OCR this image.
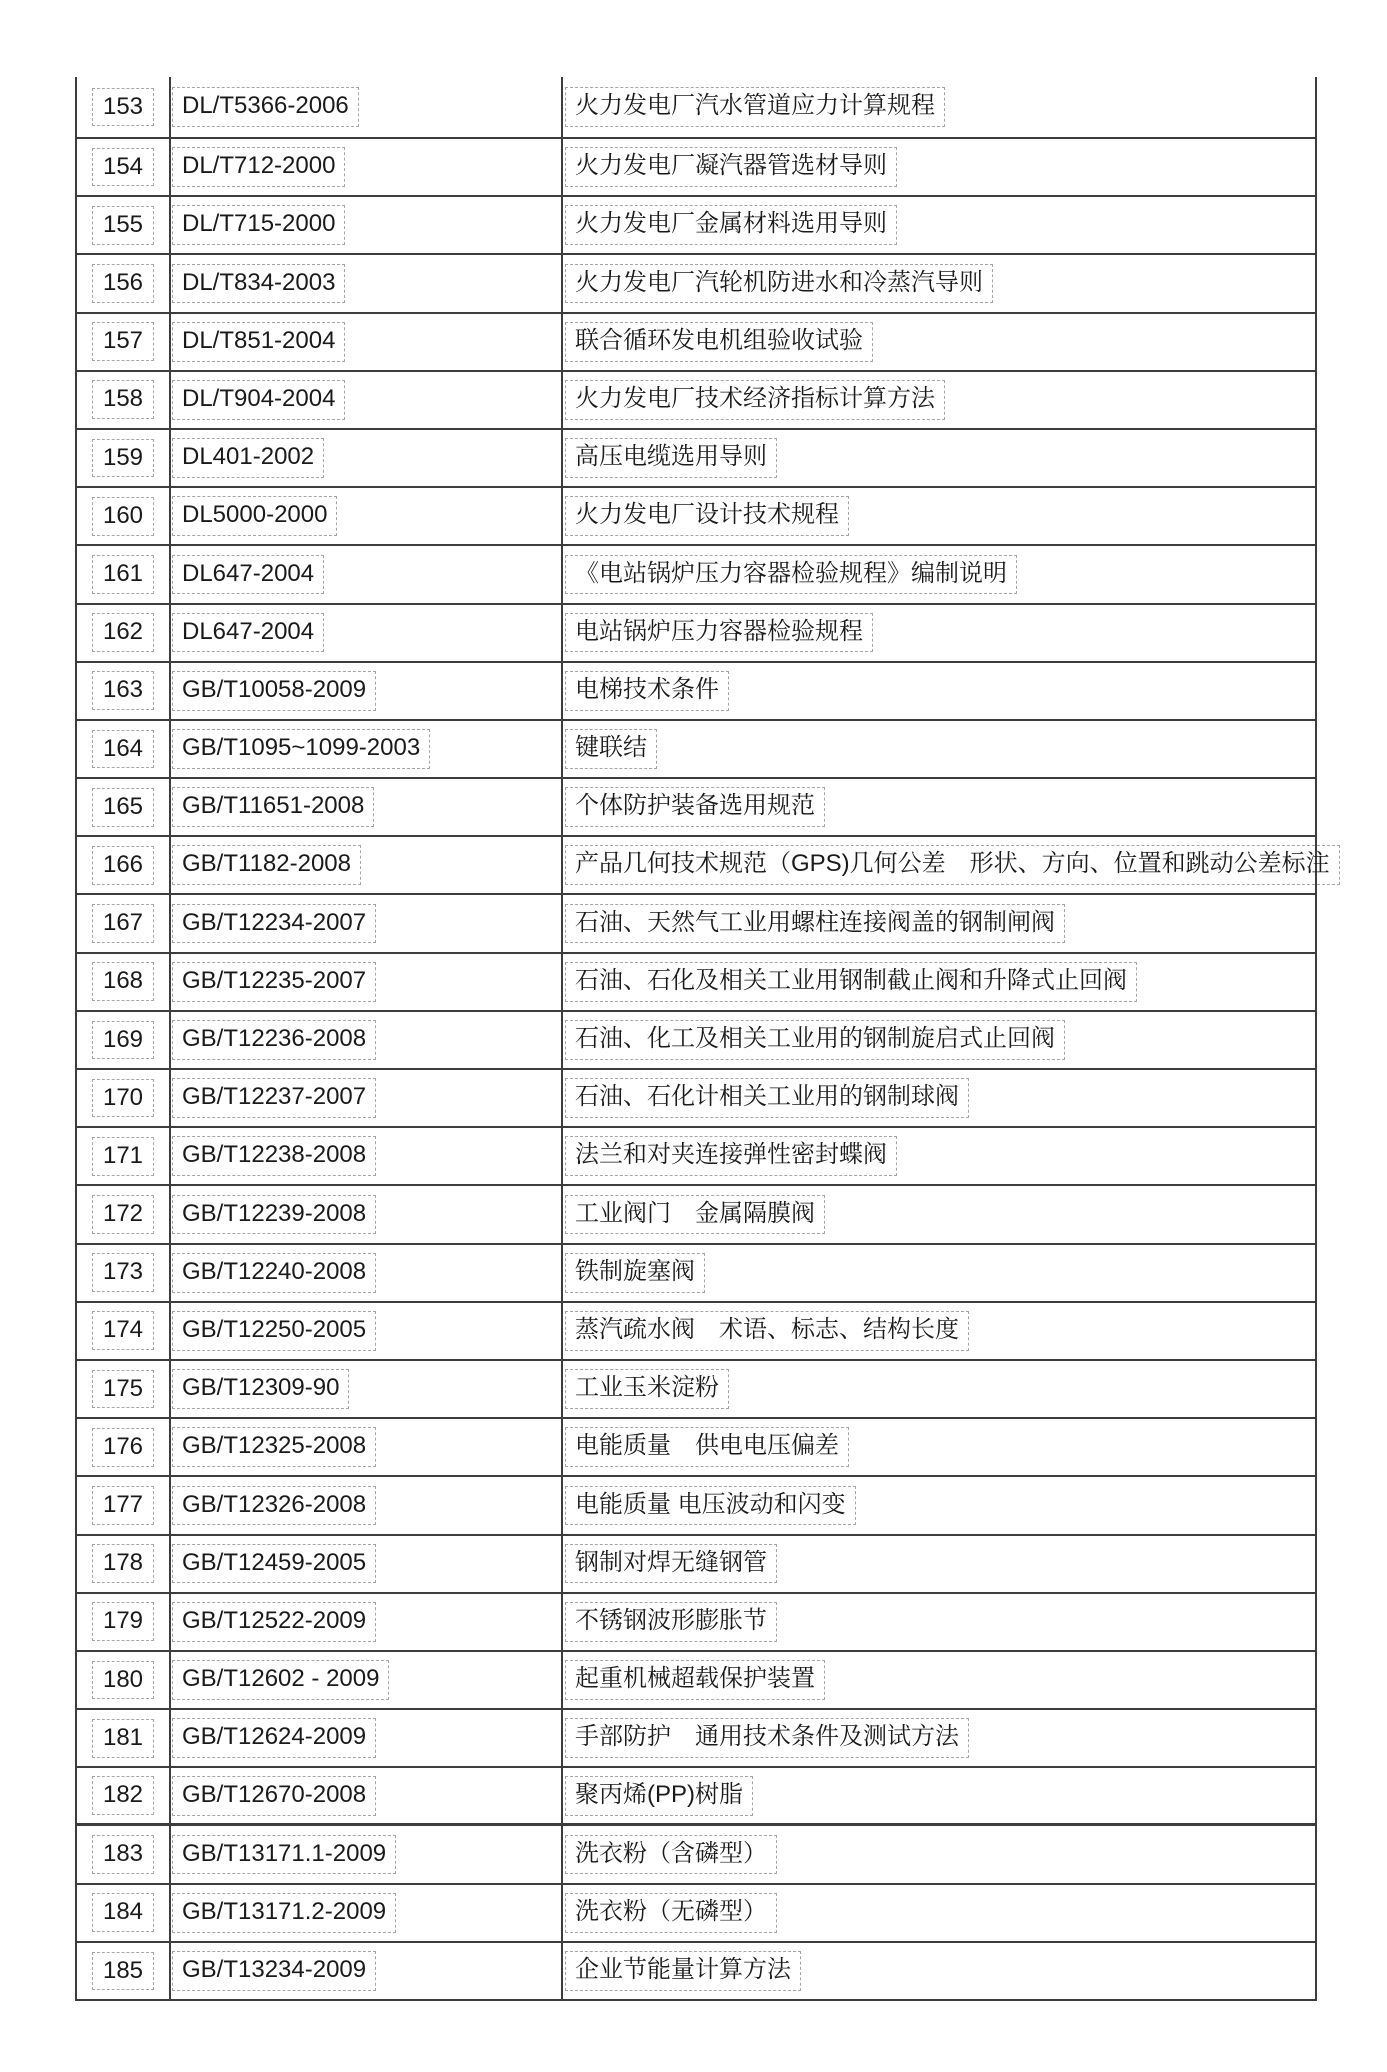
153	DL/T5366-2006	火力发电厂汽水管道应力计算规程
154	DL/T712-2000	火力发电厂凝汽器管选材导则
155	DL/T715-2000	火力发电厂金属材料选用导则
156	DL/T834-2003	火力发电厂汽轮机防进水和冷蒸汽导则
157	DL/T851-2004	联合循环发电机组验收试验
158	DL/T904-2004	火力发电厂技术经济指标计算方法
159	DL401-2002	高压电缆选用导则
160	DL5000-2000	火力发电厂设计技术规程
161	DL647-2004	《电站锅炉压力容器检验规程》编制说明
162	DL647-2004	电站锅炉压力容器检验规程
163	GB/T10058-2009	电梯技术条件
164	GB/T1095~1099-2003	键联结
165	GB/T11651-2008	个体防护装备选用规范
166	GB/T1182-2008	产品几何技术规范（GPS)几何公差　形状、方向、位置和跳动公差标注
167	GB/T12234-2007	石油、天然气工业用螺柱连接阀盖的钢制闸阀
168	GB/T12235-2007	石油、石化及相关工业用钢制截止阀和升降式止回阀
169	GB/T12236-2008	石油、化工及相关工业用的钢制旋启式止回阀
170	GB/T12237-2007	石油、石化计相关工业用的钢制球阀
171	GB/T12238-2008	法兰和对夹连接弹性密封蝶阀
172	GB/T12239-2008	工业阀门　金属隔膜阀
173	GB/T12240-2008	铁制旋塞阀
174	GB/T12250-2005	蒸汽疏水阀　术语、标志、结构长度
175	GB/T12309-90	工业玉米淀粉
176	GB/T12325-2008	电能质量　供电电压偏差
177	GB/T12326-2008	电能质量 电压波动和闪变
178	GB/T12459-2005	钢制对焊无缝钢管
179	GB/T12522-2009	不锈钢波形膨胀节
180	GB/T12602 - 2009	起重机械超载保护装置
181	GB/T12624-2009	手部防护　通用技术条件及测试方法
182	GB/T12670-2008	聚丙烯(PP)树脂
183	GB/T13171.1-2009	洗衣粉（含磷型）
184	GB/T13171.2-2009	洗衣粉（无磷型）
185	GB/T13234-2009	企业节能量计算方法
